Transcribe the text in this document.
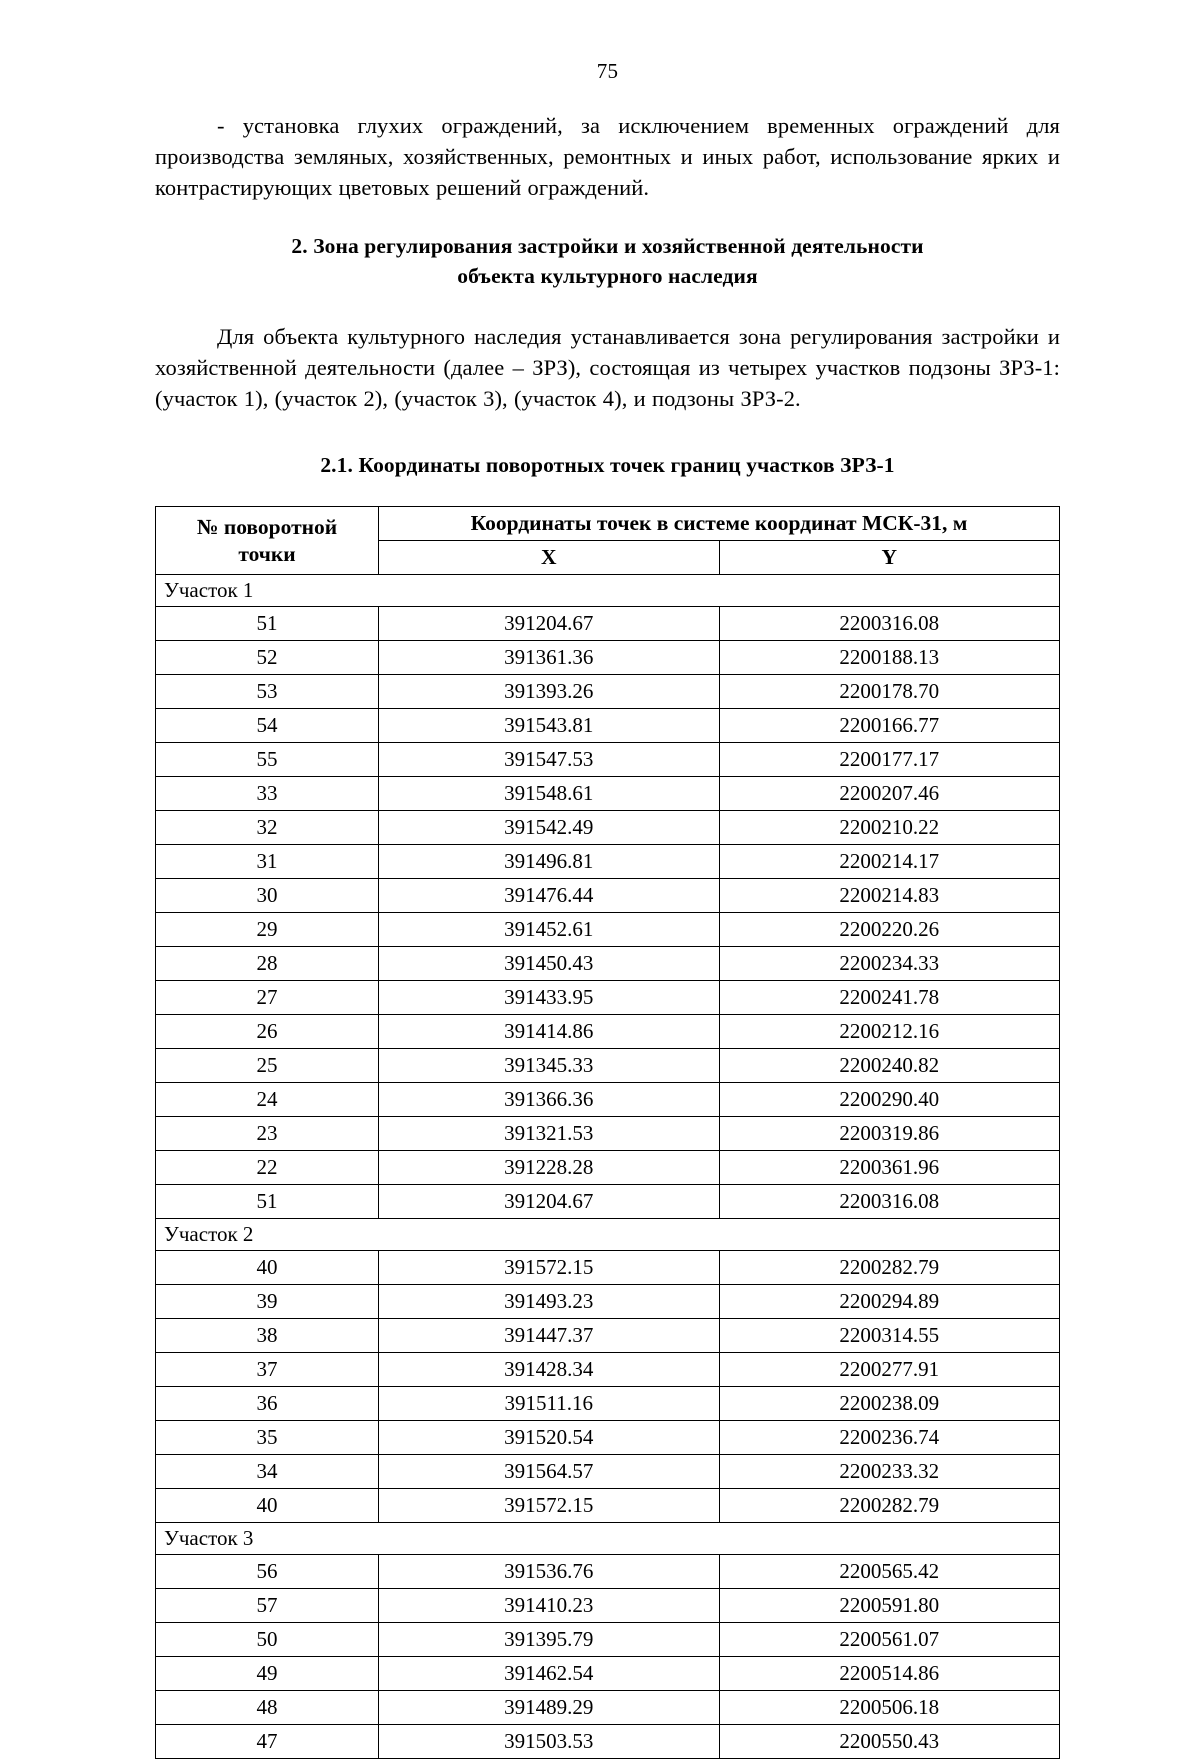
75

- установка глухих ограждений, за исключением временных ограждений для производства земляных, хозяйственных, ремонтных и иных работ, использование ярких и контрастирующих цветовых решений ограждений.

2. Зона регулирования застройки и хозяйственной деятельности
объекта культурного наследия

Для объекта культурного наследия устанавливается зона регулирования застройки и хозяйственной деятельности (далее – ЗРЗ), состоящая из четырех участков подзоны ЗРЗ-1: (участок 1), (участок 2), (участок 3), (участок 4), и подзоны ЗРЗ-2.

2.1. Координаты поворотных точек границ участков ЗРЗ-1
№ поворотной
точки	Координаты точек в системе координат МСК-31, м	
	X	Y
Участок 1		
51	391204.67	2200316.08
52	391361.36	2200188.13
53	391393.26	2200178.70
54	391543.81	2200166.77
55	391547.53	2200177.17
33	391548.61	2200207.46
32	391542.49	2200210.22
31	391496.81	2200214.17
30	391476.44	2200214.83
29	391452.61	2200220.26
28	391450.43	2200234.33
27	391433.95	2200241.78
26	391414.86	2200212.16
25	391345.33	2200240.82
24	391366.36	2200290.40
23	391321.53	2200319.86
22	391228.28	2200361.96
51	391204.67	2200316.08
Участок 2		
40	391572.15	2200282.79
39	391493.23	2200294.89
38	391447.37	2200314.55
37	391428.34	2200277.91
36	391511.16	2200238.09
35	391520.54	2200236.74
34	391564.57	2200233.32
40	391572.15	2200282.79
Участок 3		
56	391536.76	2200565.42
57	391410.23	2200591.80
50	391395.79	2200561.07
49	391462.54	2200514.86
48	391489.29	2200506.18
47	391503.53	2200550.43
